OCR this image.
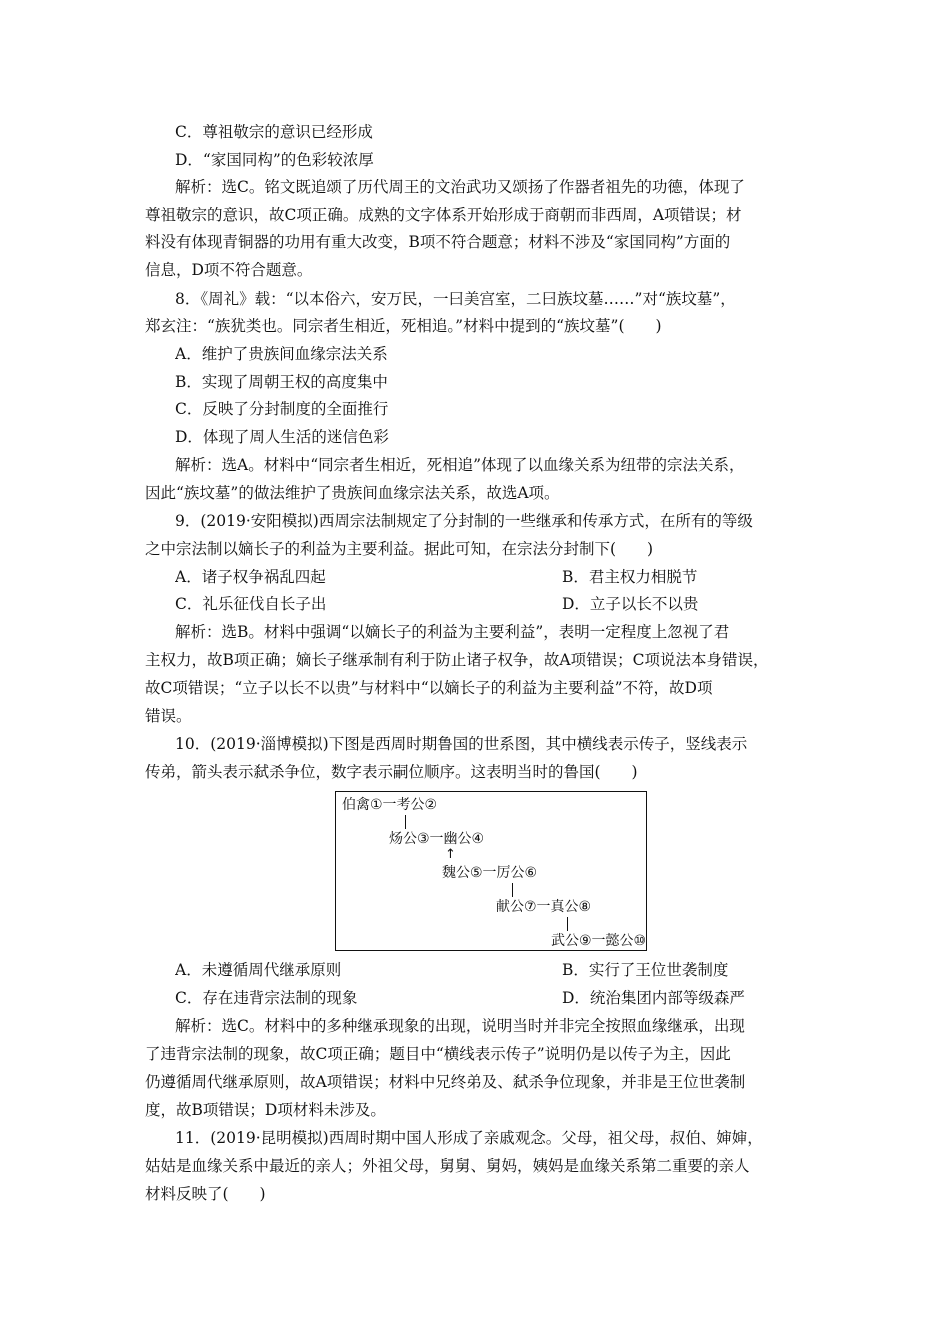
C．尊祖敬宗的意识已经形成
D．“家国同构”的色彩较浓厚
解析：选C。铭文既追颂了历代周王的文治武功又颂扬了作器者祖先的功德，体现了
尊祖敬宗的意识，故C项正确。成熟的文字体系开始形成于商朝而非西周，A项错误；材
料没有体现青铜器的功用有重大改变，B项不符合题意；材料不涉及“家国同构”方面的
信息，D项不符合题意。
8．《周礼》载：“以本俗六，安万民，一曰美宫室，二曰族坟墓……”对“族坟墓”，
郑玄注：“族犹类也。同宗者生相近，死相追。”材料中提到的“族坟墓”(　　)
A．维护了贵族间血缘宗法关系
B．实现了周朝王权的高度集中
C．反映了分封制度的全面推行
D．体现了周人生活的迷信色彩
解析：选A。材料中“同宗者生相近，死相追”体现了以血缘关系为纽带的宗法关系，
因此“族坟墓”的做法维护了贵族间血缘宗法关系，故选A项。
9．(2019·安阳模拟)西周宗法制规定了分封制的一些继承和传承方式，在所有的等级
之中宗法制以嫡长子的利益为主要利益。据此可知，在宗法分封制下(　　)
A．诸子权争祸乱四起	B．君主权力相脱节
C．礼乐征伐自长子出	D．立子以长不以贵
解析：选B。材料中强调“以嫡长子的利益为主要利益”，表明一定程度上忽视了君
主权力，故B项正确；嫡长子继承制有利于防止诸子权争，故A项错误；C项说法本身错误，
故C项错误；“立子以长不以贵”与材料中“以嫡长子的利益为主要利益”不符，故D项
错误。
10．(2019·淄博模拟)下图是西周时期鲁国的世系图，其中横线表示传子，竖线表示
传弟，箭头表示弑杀争位，数字表示嗣位顺序。这表明当时的鲁国(　　)
伯禽①一考公②
炀公③一幽公④
↑
魏公⑤一厉公⑥
献公⑦一真公⑧
武公⑨一懿公⑩
A．未遵循周代继承原则	B．实行了王位世袭制度
C．存在违背宗法制的现象	D．统治集团内部等级森严
解析：选C。材料中的多种继承现象的出现，说明当时并非完全按照血缘继承，出现
了违背宗法制的现象，故C项正确；题目中“横线表示传子”说明仍是以传子为主，因此
仍遵循周代继承原则，故A项错误；材料中兄终弟及、弑杀争位现象，并非是王位世袭制
度，故B项错误；D项材料未涉及。
11．(2019·昆明模拟)西周时期中国人形成了亲戚观念。父母，祖父母，叔伯、婶婶，
姑姑是血缘关系中最近的亲人；外祖父母，舅舅、舅妈，姨妈是血缘关系第二重要的亲人
材料反映了(　　)
